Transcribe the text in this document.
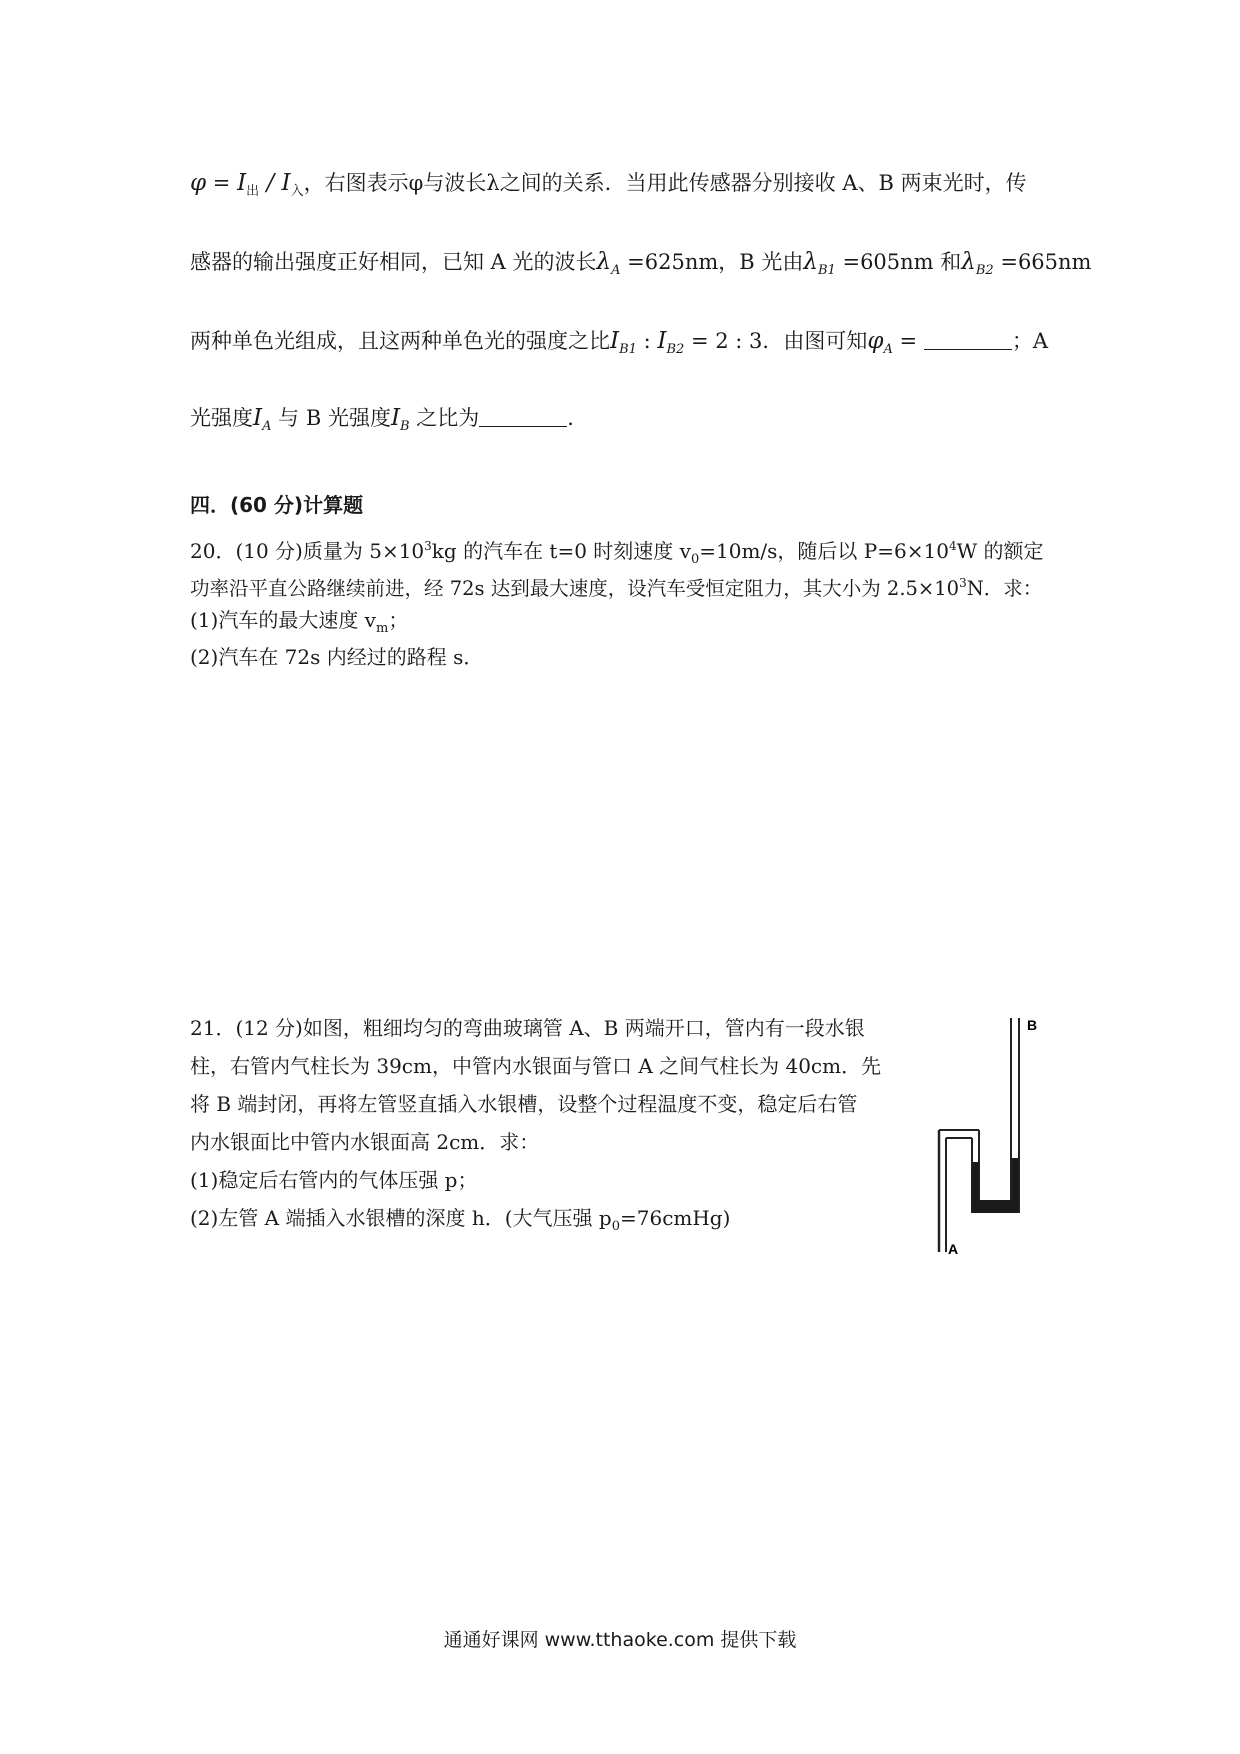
$\varphi = I_出 / I_入$，右图表示φ与波长λ之间的关系．当用此传感器分别接收 A、B 两束光时，传
感器的输出强度正好相同，已知 A 光的波长$\lambda_A =625nm$，B 光由$\lambda_{B1} =605nm$ 和$\lambda_{B2} =665nm$
两种单色光组成，且这两种单色光的强度之比$I_{B1}$ : $I_{B2} = 2$ : 3．由图可知$\varphi_A$ =	；A
光强度$I_A$ 与 B 光强度$I_B$ 之比为	.
四．(60 分)计算题
20．(10 分)质量为 $5\times 10^3kg$ 的汽车在 t=0 时刻速度 $v_0=10m/s$，随后以 $P=6\times 10^4W$ 的额定
功率沿平直公路继续前进，经 72s 达到最大速度，设汽车受恒定阻力，其大小为 $2.5\times 10^3N$．求：
(1)汽车的最大速度 $v_m$；
(2)汽车在 72s 内经过的路程 s．
21．(12 分)如图，粗细均匀的弯曲玻璃管 A、B 两端开口，管内有一段水银
柱，右管内气柱长为 39cm，中管内水银面与管口 A 之间气柱长为 40cm．先
将 B 端封闭，再将左管竖直插入水银槽，设整个过程温度不变，稳定后右管
内水银面比中管内水银面高 2cm．求：
(1)稳定后右管内的气体压强 p；
(2)左管 A 端插入水银槽的深度 h．(大气压强 $p_0=76cmHg$)
B
A
通通好课网 www.tthaoke.com 提供下载
